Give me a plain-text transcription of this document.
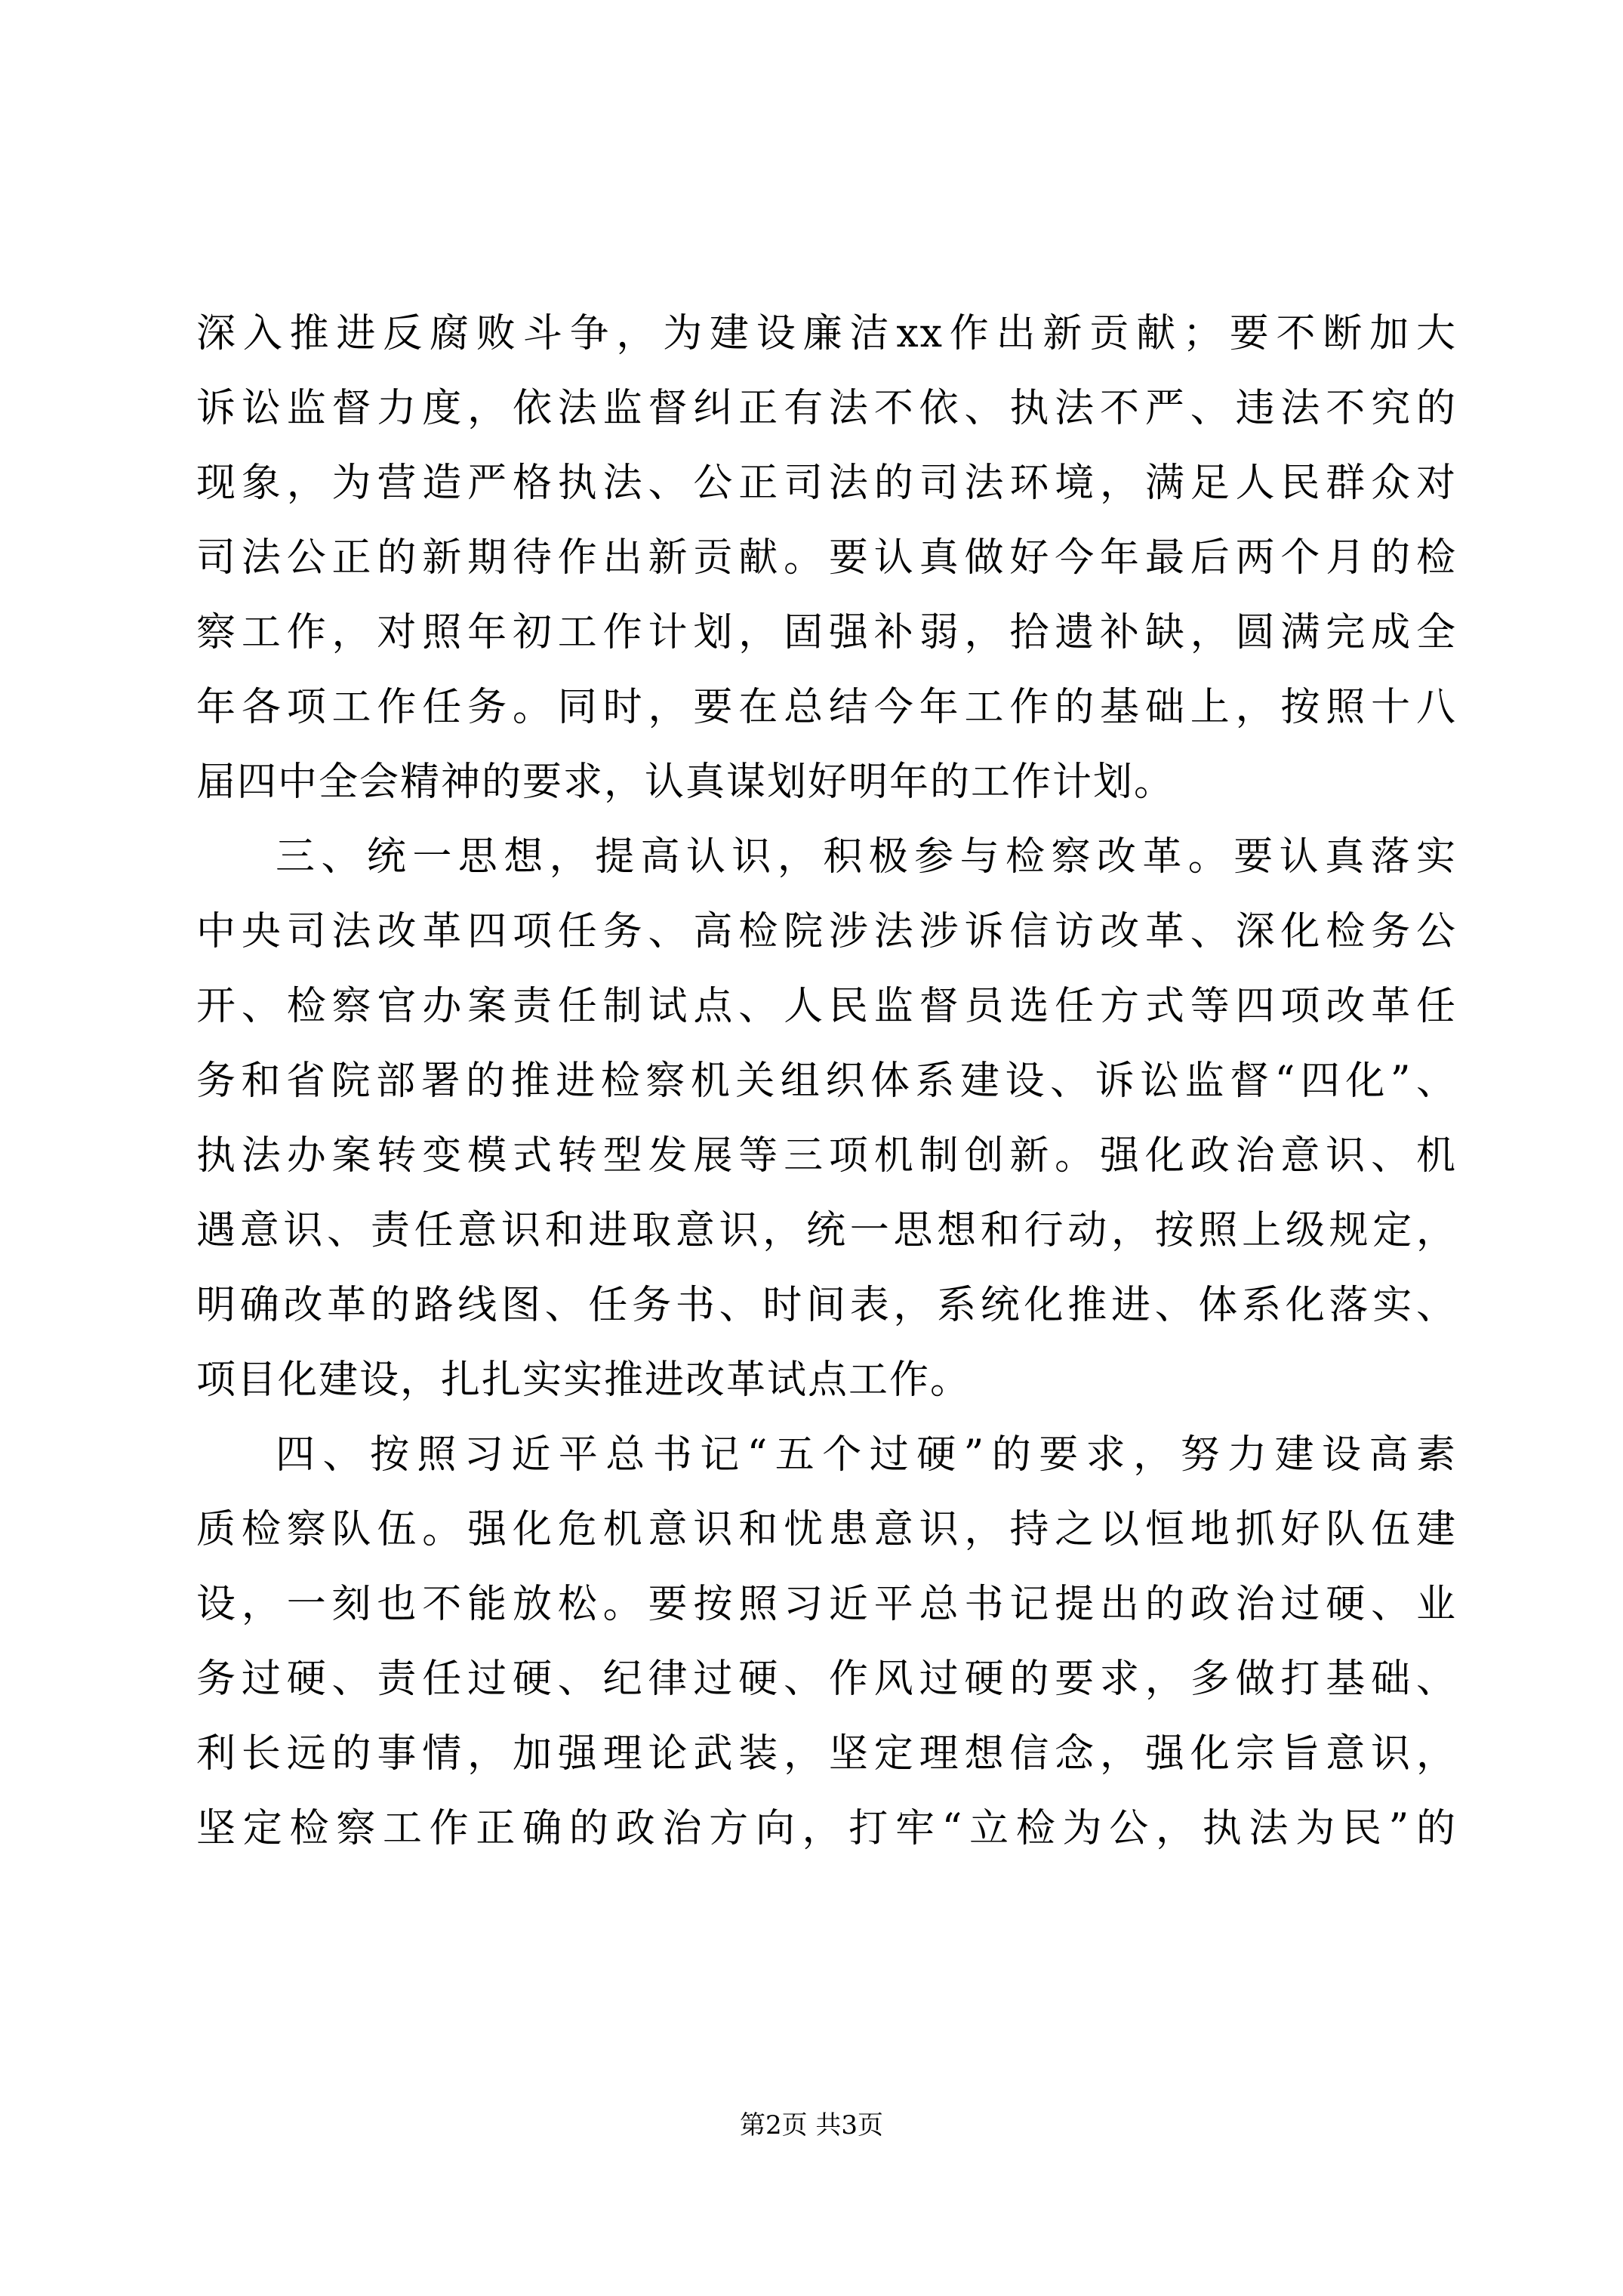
深入推进反腐败斗争，为建设廉洁xx作出新贡献；要不断加大
诉讼监督力度，依法监督纠正有法不依、执法不严、违法不究的
现象，为营造严格执法、公正司法的司法环境，满足人民群众对
司法公正的新期待作出新贡献。要认真做好今年最后两个月的检
察工作，对照年初工作计划，固强补弱，拾遗补缺，圆满完成全
年各项工作任务。同时，要在总结今年工作的基础上，按照十八
届四中全会精神的要求，认真谋划好明年的工作计划。
三、统一思想，提高认识，积极参与检察改革。要认真落实
中央司法改革四项任务、高检院涉法涉诉信访改革、深化检务公
开、检察官办案责任制试点、人民监督员选任方式等四项改革任
务和省院部署的推进检察机关组织体系建设、诉讼监督“四化”、
执法办案转变模式转型发展等三项机制创新。强化政治意识、机
遇意识、责任意识和进取意识，统一思想和行动，按照上级规定，
明确改革的路线图、任务书、时间表，系统化推进、体系化落实、
项目化建设，扎扎实实推进改革试点工作。
四、按照习近平总书记“五个过硬”的要求，努力建设高素
质检察队伍。强化危机意识和忧患意识，持之以恒地抓好队伍建
设，一刻也不能放松。要按照习近平总书记提出的政治过硬、业
务过硬、责任过硬、纪律过硬、作风过硬的要求，多做打基础、
利长远的事情，加强理论武装，坚定理想信念，强化宗旨意识，
坚定检察工作正确的政治方向，打牢“立检为公，执法为民”的
第2页 共3页
